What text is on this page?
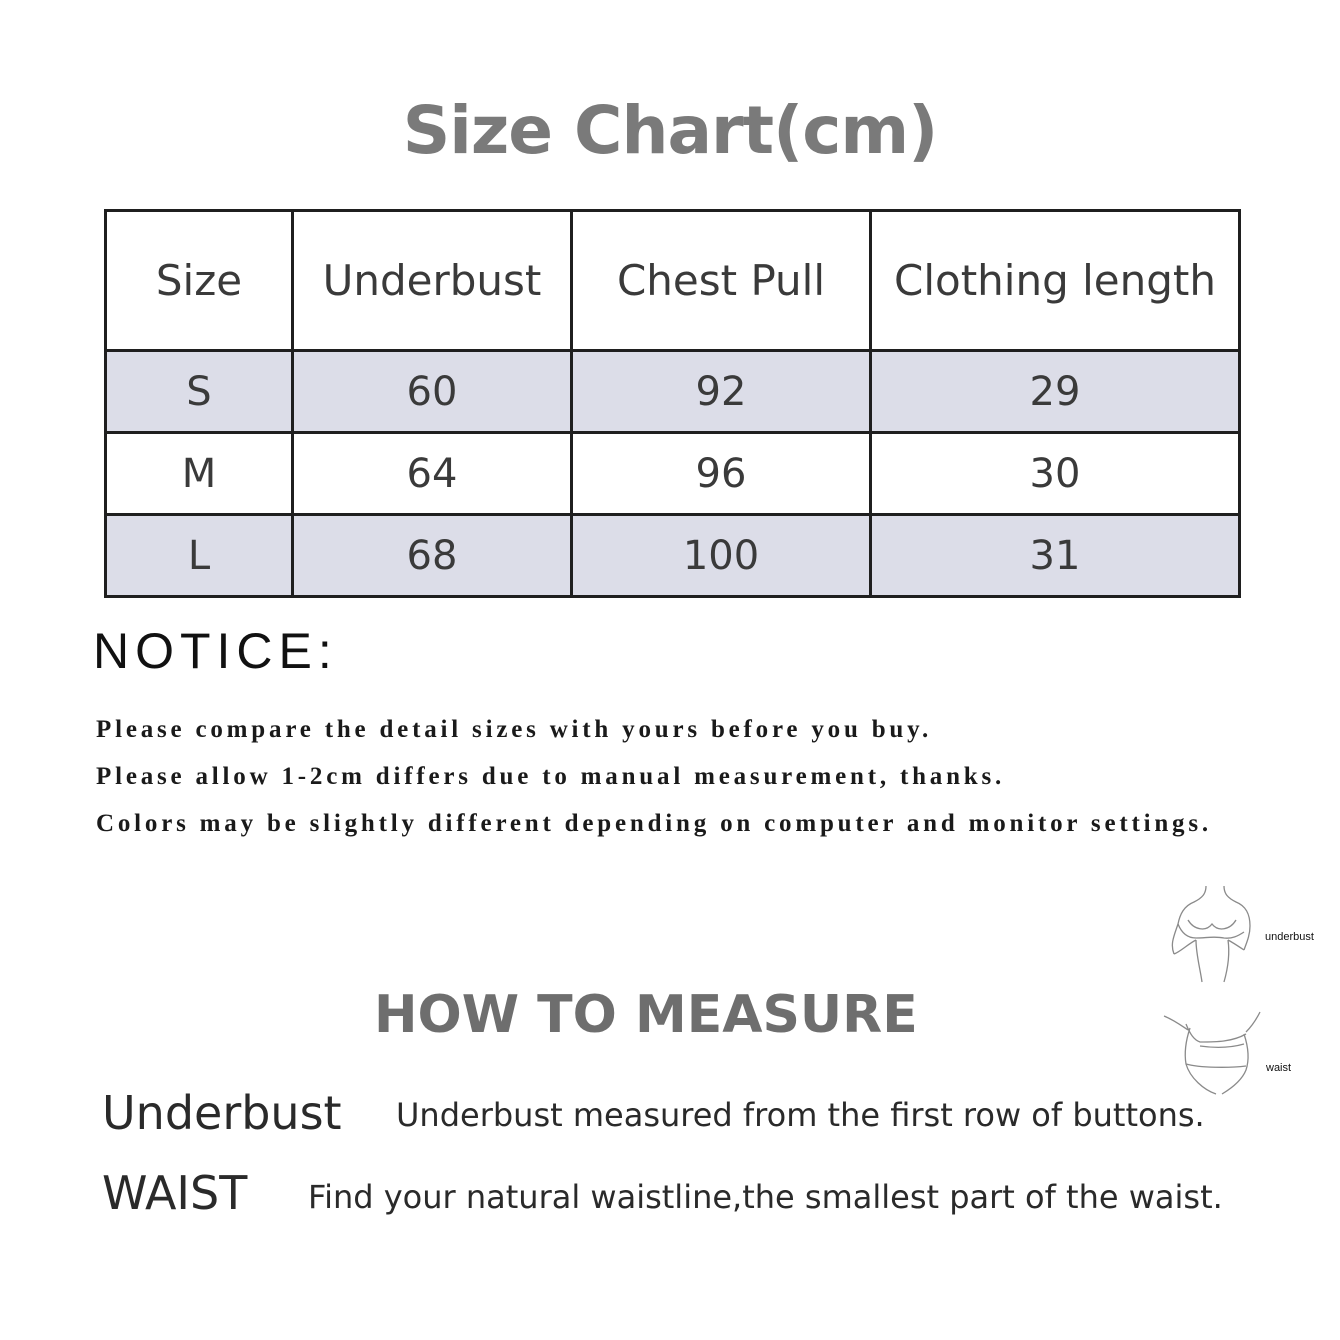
Size Chart(cm)
Size	Underbust	Chest Pull	Clothing length
S	60	92	29
M	64	96	30
L	68	100	31
NOTICE:
Please compare the detail sizes with yours before you buy.
Please allow 1-2cm differs due to manual measurement, thanks.
Colors may be slightly different depending on computer and monitor settings.
underbust
waist
HOW TO MEASURE
Underbust Underbust measured from the first row of buttons.
WAIST Find your natural waistline,the smallest part of the waist.
